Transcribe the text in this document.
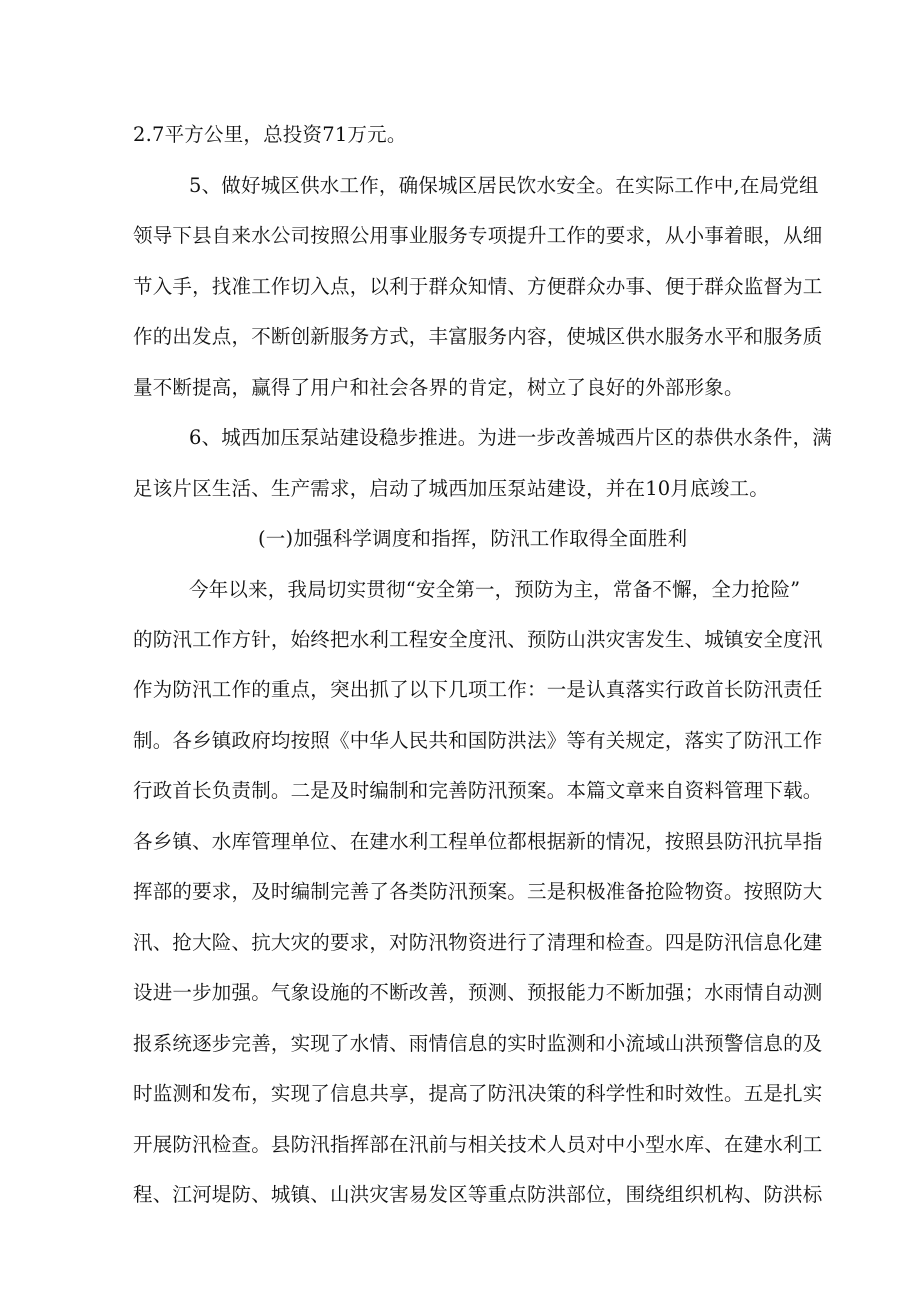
2.7平方公里，总投资71万元。
5、做好城区供水工作，确保城区居民饮水安全。在实际工作中,在局党组
领导下县自来水公司按照公用事业服务专项提升工作的要求，从小事着眼，从细
节入手，找准工作切入点，以利于群众知情、方便群众办事、便于群众监督为工
作的出发点，不断创新服务方式，丰富服务内容，使城区供水服务水平和服务质
量不断提高，赢得了用户和社会各界的肯定，树立了良好的外部形象。
6、城西加压泵站建设稳步推进。为进一步改善城西片区的恭供水条件，满
足该片区生活、生产需求，启动了城西加压泵站建设，并在10月底竣工。
(一)加强科学调度和指挥，防汛工作取得全面胜利
今年以来，我局切实贯彻“安全第一，预防为主，常备不懈，全力抢险”
的防汛工作方针，始终把水利工程安全度汛、预防山洪灾害发生、城镇安全度汛
作为防汛工作的重点，突出抓了以下几项工作：一是认真落实行政首长防汛责任
制。各乡镇政府均按照《中华人民共和国防洪法》等有关规定，落实了防汛工作
行政首长负责制。二是及时编制和完善防汛预案。本篇文章来自资料管理下载。
各乡镇、水库管理单位、在建水利工程单位都根据新的情况，按照县防汛抗旱指
挥部的要求，及时编制完善了各类防汛预案。三是积极准备抢险物资。按照防大
汛、抢大险、抗大灾的要求，对防汛物资进行了清理和检查。四是防汛信息化建
设进一步加强。气象设施的不断改善，预测、预报能力不断加强；水雨情自动测
报系统逐步完善，实现了水情、雨情信息的实时监测和小流域山洪预警信息的及
时监测和发布，实现了信息共享，提高了防汛决策的科学性和时效性。五是扎实
开展防汛检查。县防汛指挥部在汛前与相关技术人员对中小型水库、在建水利工
程、江河堤防、城镇、山洪灾害易发区等重点防洪部位，围绕组织机构、防洪标
